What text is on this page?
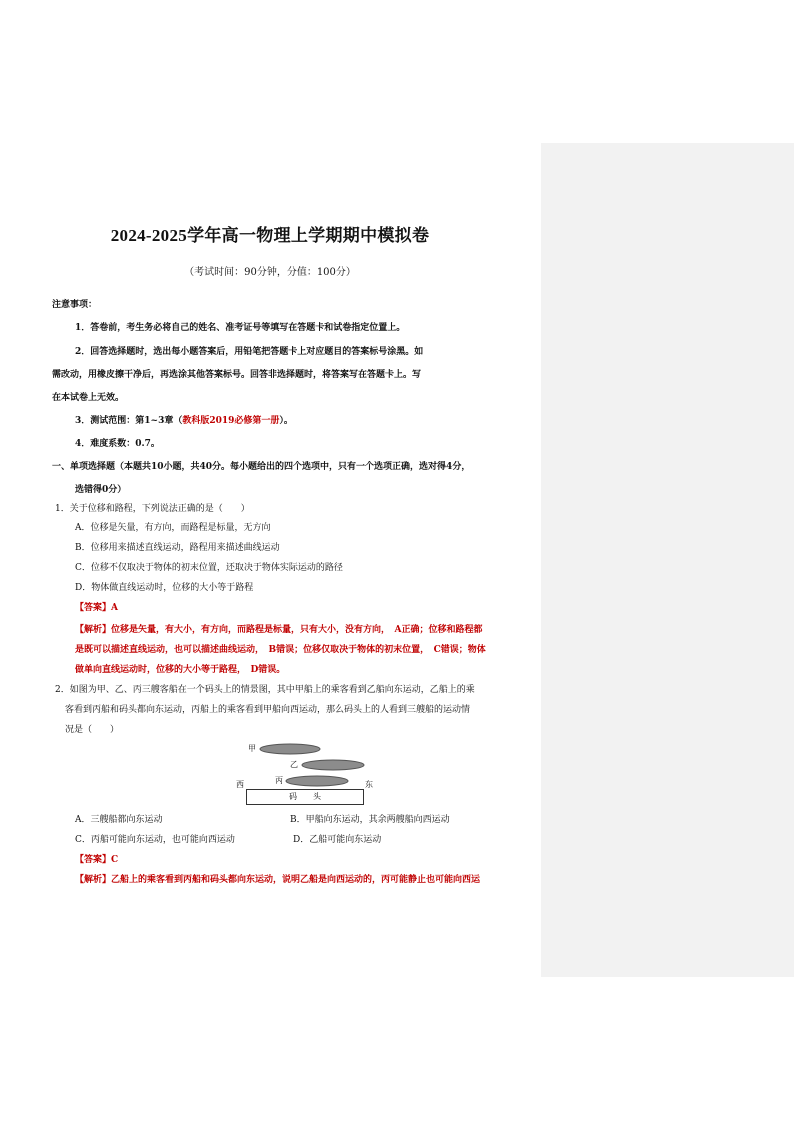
2024-2025学年高一物理上学期期中模拟卷
（考试时间：90分钟，分值：100分）
注意事项：
1．答卷前，考生务必将自己的姓名、准考证号等填写在答题卡和试卷指定位置上。
2．回答选择题时，选出每小题答案后，用铅笔把答题卡上对应题目的答案标号涂黑。如
需改动，用橡皮擦干净后，再选涂其他答案标号。回答非选择题时，将答案写在答题卡上。写
在本试卷上无效。
3．测试范围：第1~3章（教科版2019必修第一册）。
4．难度系数：0.7。
一、单项选择题（本题共10小题，共40分。每小题给出的四个选项中，只有一个选项正确，选对得4分，
选错得0分）
1．关于位移和路程，下列说法正确的是（　　）
A．位移是矢量，有方向，而路程是标量，无方向
B．位移用来描述直线运动，路程用来描述曲线运动
C．位移不仅取决于物体的初末位置，还取决于物体实际运动的路径
D．物体做直线运动时，位移的大小等于路程
【答案】A
【解析】位移是矢量，有大小，有方向，而路程是标量，只有大小，没有方向，　A正确；位移和路程都
是既可以描述直线运动，也可以描述曲线运动，　B错误；位移仅取决于物体的初末位置，　C错误；物体
做单向直线运动时，位移的大小等于路程，　D错误。
2．如图为甲、乙、丙三艘客船在一个码头上的情景图，其中甲船上的乘客看到乙船向东运动，乙船上的乘
客看到丙船和码头都向东运动，丙船上的乘客看到甲船向西运动，那么码头上的人看到三艘船的运动情
况是（　　）
甲
乙
西	丙	东
码　　头
A．三艘船都向东运动	B．甲船向东运动，其余两艘船向西运动
C．丙船可能向东运动，也可能向西运动	D．乙船可能向东运动
【答案】C
【解析】乙船上的乘客看到丙船和码头都向东运动，说明乙船是向西运动的，丙可能静止也可能向西运
